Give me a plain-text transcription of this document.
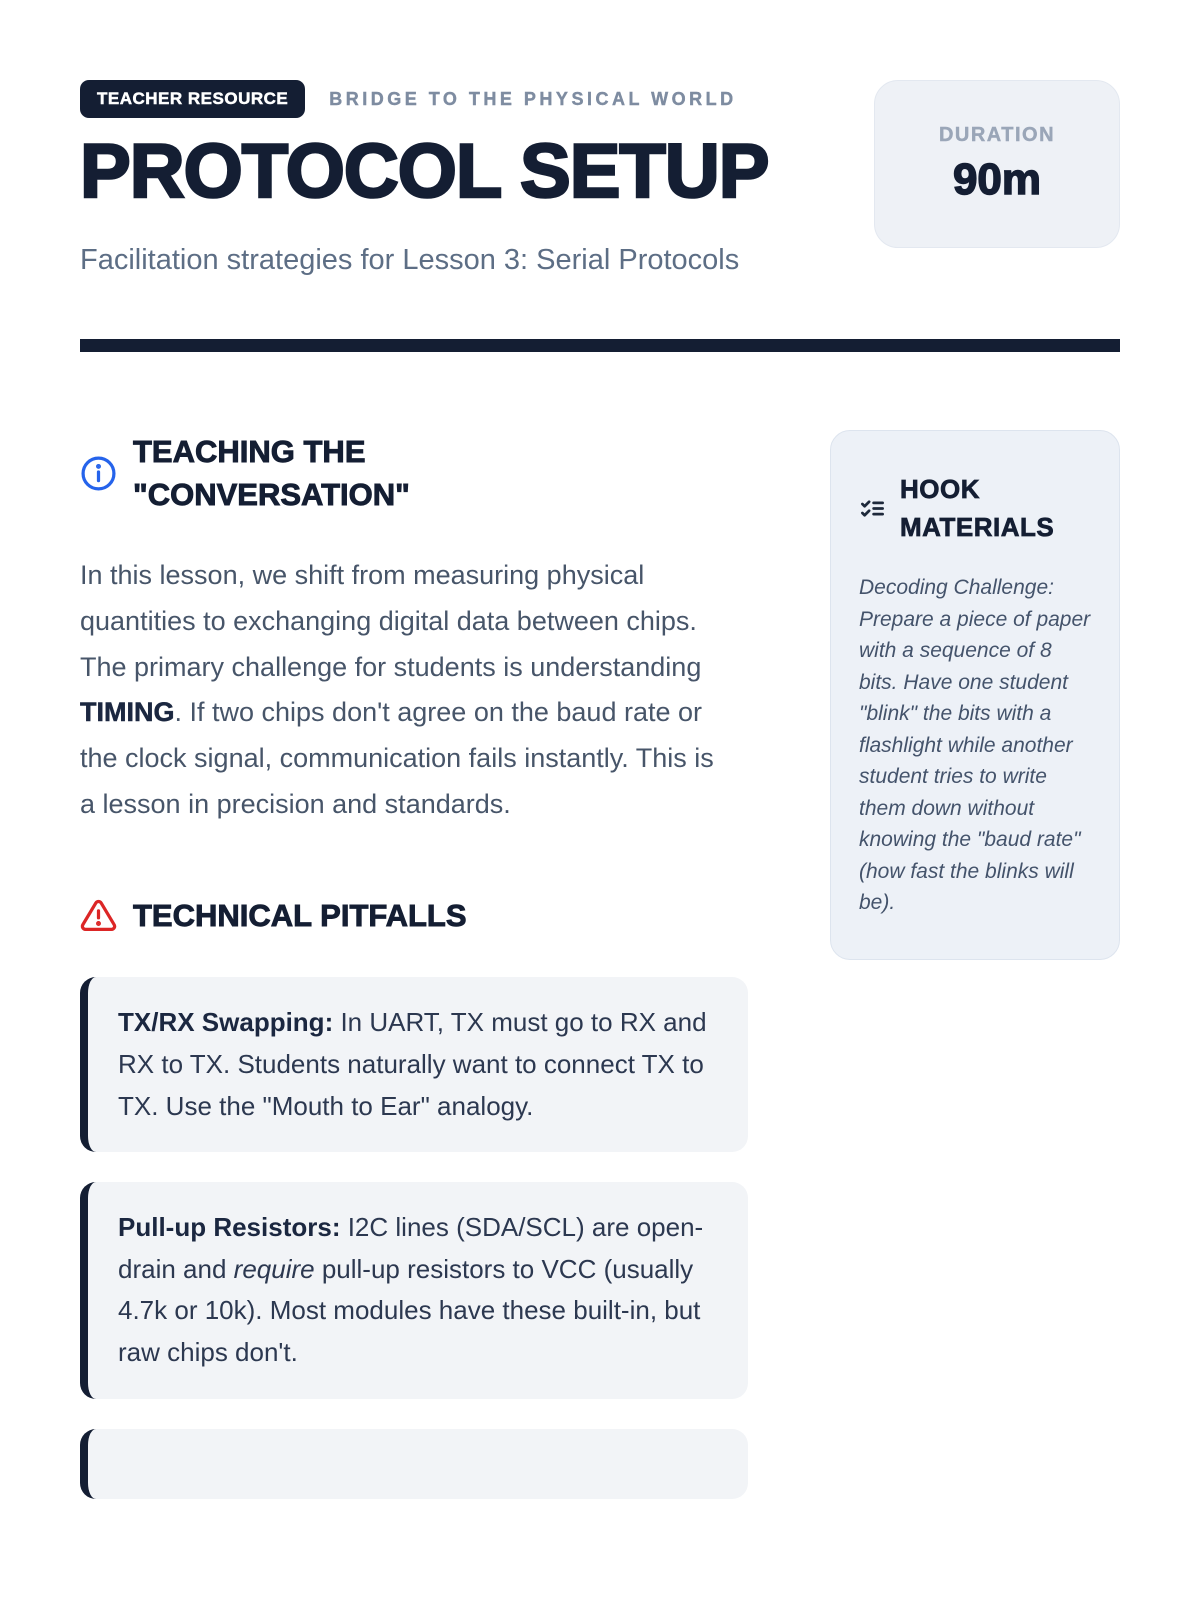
TEACHER RESOURCE	BRIDGE TO THE PHYSICAL WORLD
PROTOCOL SETUP

Facilitation strategies for Lesson 3: Serial Protocols

DURATION
90m
TEACHING THE "CONVERSATION"

In this lesson, we shift from measuring physical quantities to exchanging digital data between chips. The primary challenge for students is understanding TIMING. If two chips don't agree on the baud rate or the clock signal, communication fails instantly. This is a lesson in precision and standards.

TECHNICAL PITFALLS
TX/RX Swapping: In UART, TX must go to RX and RX to TX. Students naturally want to connect TX to TX. Use the "Mouth to Ear" analogy.
Pull-up Resistors: I2C lines (SDA/SCL) are open-drain and require pull-up resistors to VCC (usually 4.7k or 10k). Most modules have these built-in, but raw chips don't.
HOOK MATERIALS

Decoding Challenge: Prepare a piece of paper with a sequence of 8 bits. Have one student "blink" the bits with a flashlight while another student tries to write them down without knowing the "baud rate" (how fast the blinks will be).
